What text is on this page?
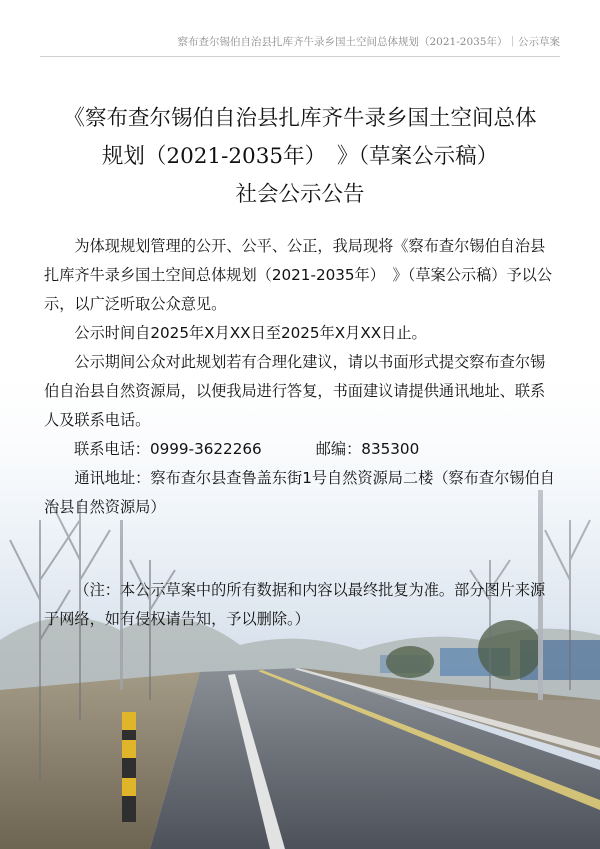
察布查尔锡伯自治县扎库齐牛录乡国土空间总体规划（2021-2035年）｜公示草案
《察布查尔锡伯自治县扎库齐牛录乡国土空间总体
规划（2021-2035年）　》（草案公示稿）
社会公示公告

为体现规划管理的公开、公平、公正，我局现将《察布查尔锡伯自治县扎库齐牛录乡国土空间总体规划（2021-2035年）　》（草案公示稿）予以公示，以广泛听取公众意见。

公示时间自2025年X月XX日至2025年X月XX日止。

公示期间公众对此规划若有合理化建议，请以书面形式提交察布查尔锡伯自治县自然资源局，以便我局进行答复，书面建议请提供通讯地址、联系人及联系电话。

联系电话：0999-3622266	邮编：835300

通讯地址：察布查尔县查鲁盖东街1号自然资源局二楼（察布查尔锡伯自治县自然资源局）

（注：本公示草案中的所有数据和内容以最终批复为准。部分图片来源于网络，如有侵权请告知，予以删除。）
